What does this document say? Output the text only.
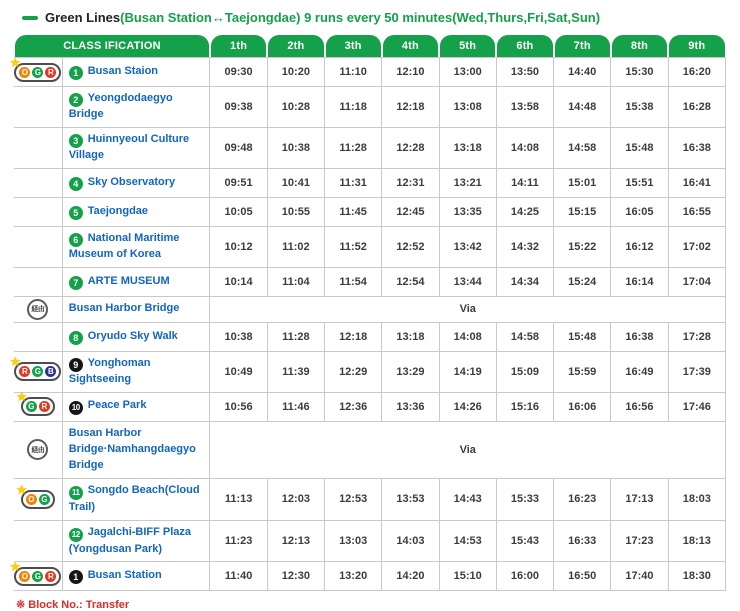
Green Lines(Busan Station↔Taejongdae) 9 runs every 50 minutes(Wed,Thurs,Fri,Sat,Sun)
CLASS IFICATION		1th	2th	3th	4th	5th	6th	7th	8th	9th

★
O G R	1 Busan Staion	09:30	10:20	11:10	12:10	13:00	13:50	14:40	15:30	16:20
	2 Yeongdodaegyo Bridge	09:38	10:28	11:18	12:18	13:08	13:58	14:48	15:38	16:28
	3 Huinnyeoul Culture Village	09:48	10:38	11:28	12:28	13:18	14:08	14:58	15:48	16:38
	4 Sky Observatory	09:51	10:41	11:31	12:31	13:21	14:11	15:01	15:51	16:41
	5 Taejongdae	10:05	10:55	11:45	12:45	13:35	14:25	15:15	16:05	16:55
	6 National Maritime Museum of Korea	10:12	11:02	11:52	12:52	13:42	14:32	15:22	16:12	17:02
	7 ARTE MUSEUM	10:14	11:04	11:54	12:54	13:44	14:34	15:24	16:14	17:04
経由	Busan Harbor Bridge	Via								
	8 Oryudo Sky Walk	10:38	11:28	12:18	13:18	14:08	14:58	15:48	16:38	17:28

★
R G B	9 Yonghoman Sightseeing	10:49	11:39	12:29	13:29	14:19	15:09	15:59	16:49	17:39

★
G R	10 Peace Park	10:56	11:46	12:36	13:36	14:26	15:16	16:06	16:56	17:46
経由	Busan Harbor Bridge·Namhangdaegyo Bridge	Via								

★
O G	11 Songdo Beach(Cloud Trail)	11:13	12:03	12:53	13:53	14:43	15:33	16:23	17:13	18:03
	12 Jagalchi-BIFF Plaza (Yongdusan Park)	11:23	12:13	13:03	14:03	14:53	15:43	16:33	17:23	18:13

★
O G R	1 Busan Station	11:40	12:30	13:20	14:20	15:10	16:00	16:50	17:40	18:30
※ Block No.: Transfer
